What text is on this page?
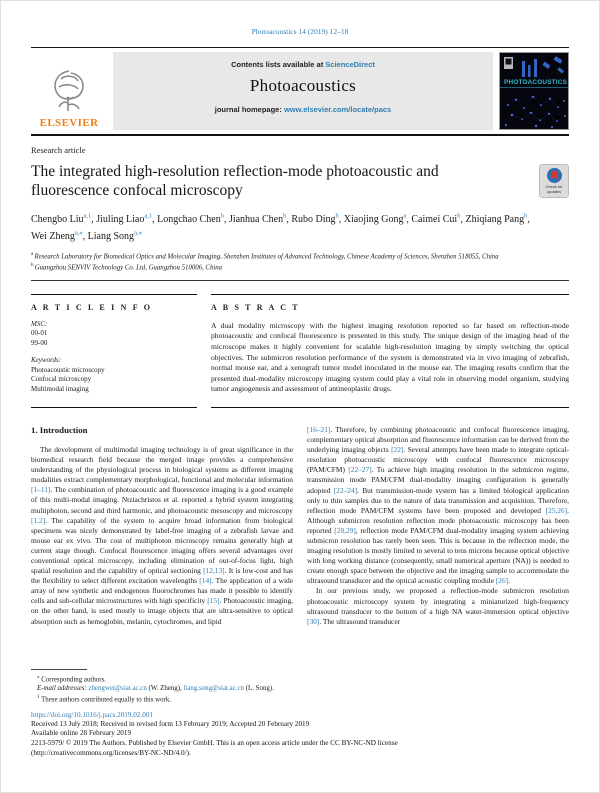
Photoacoustics 14 (2019) 12–18
ELSEVIER
Contents lists available at ScienceDirect
Photoacoustics
journal homepage: www.elsevier.com/locate/pacs
PHOTOACOUSTICS
Research article
The integrated high-resolution reflection-mode photoacoustic and fluorescence confocal microscopy	Check for updates
Chengbo Liu$^{a,1}$, Jiuling Liao$^{a,1}$, Longchao Chen$^b$, Jianhua Chen$^b$, Rubo Ding$^b$, Xiaojing Gong$^a$, Caimei Cui$^b$, Zhiqiang Pang$^b$, Wei Zheng$^{a,⁎}$, Liang Song$^{a,⁎}$
$^a$ Research Laboratory for Biomedical Optics and Molecular Imaging, Shenzhen Institutes of Advanced Technology, Chinese Academy of Sciences, Shenzhen 518055, China
$^b$ Guangzhou SENVIV Technology Co. Ltd, Guangzhou 510006, China
A R T I C L E I N F O
MSC:
00-01
99-00
Keywords:
Photoacoustic microscopy
Confocal microscopy
Multimodal imaging
A B S T R A C T
A dual modality microscopy with the highest imaging resolution reported so far based on reflection-mode photoacoustic and confocal fluorescence is presented in this study. The unique design of the imaging head of the microscope makes it highly convenient for scalable high-resolution imaging by simply switching the optical objectives. The submicron resolution performance of the system is demonstrated via in vivo imaging of zebrafish, normal mouse ear, and a xenograft tumor model inoculated in the mouse ear. The imaging results confirm that the presented dual-modality microscopy imaging system could play a vital role in observing model organism, studying tumor angiogenesis and assessment of antineoplastic drugs.
1. Introduction
The development of multimodal imaging technology is of great significance in the biomedical research field because the merged image provides a comprehensive understanding of the physiological process in biological systems as different imaging modalities extract complementary morphological, functional and molecular information [1–11]. The combination of photoacoustic and fluorescence imaging is a good example of this multi-modal imaging. Ntziachristos et al. reported a hybrid system integrating multiphoton, second and third harmonic, and photoacoustic mesoscopy and microscopy [1,2]. The capability of the system to acquire broad information from biological specimens was nicely demonstrated by label-free imaging of a zebrafish larvae and mouse ear ex vivo. The cost of multiphoton microscopy remains generally high at current stage though. Confocal flourescence imaging offers several advantages over conventional optical microscopy, including elimination of out-of-focus light, high spatial resolution and the capability of optical sectioning [12,13]. It is low-cost and has the flexibility to select different excitation wavelengths [14]. The application of a wide array of new synthetic and endogenous fluorochromes has made it possible to identify cells and sub-cellular microstructures with high specificity [15]. Photoacoustic imaging, on the other hand, is used mostly to image objects that are ultra-sensitive to optical absorption such as hemoglobin, melanin, cytochromes, and lipid
[16–21]. Therefore, by combining photoacoustic and confocal fluorescence imaging, complementary optical absorption and fluorescence information can be derived from the underlying imaging objects [22]. Several attempts have been made to integrate optical-resolution photoacoustic microscopy with confocal fluorescence microscopy (PAM/CFM) [22–27]. To achieve high imaging resolution in the submicron regime, transmission mode PAM/CFM dual-modality imaging configuration is generally adopted [22–24]. But transmission-mode system has a limited biological application only to thin samples due to the nature of data transmission and acquisition. Therefore, reflection mode PAM/CFM systems have been proposed and developed [25,26]. Although submicron resolution reflection mode photoacoustic microscopy has been reported [28,29], reflection mode PAM/CFM dual-modality imaging system achieving submicron resolution has rarely been seen. This is because in the reflection mode, the imaging resolution is mostly limited to several to tens microns because optical objective with long working distance (consequently, small numerical aperture (NA)) is needed to create enough space between the objective and the imaging sample to accommodate the ultrasound transducer and the optical acoustic coupling module [26].
In our previous study, we proposed a reflection-mode submicron resolution photoacoustic microscopy system by integrating a miniaturized high-frequency ultrasound transducer to the bottom of a high NA water-immersion optical objective [30]. The ultrasound transducer
⁎ Corresponding authors.
E-mail addresses: zhengwei@siat.ac.cn (W. Zheng), liang.song@siat.ac.cn (L. Song).
$^1$ These authors contributed equally to this work.
https://doi.org/10.1016/j.pacs.2019.02.001
Received 13 July 2018; Received in revised form 13 February 2019; Accepted 20 February 2019
Available online 28 February 2019
2213-5979/ © 2019 The Authors. Published by Elsevier GmbH. This is an open access article under the CC BY-NC-ND license
(http://creativecommons.org/licenses/BY-NC-ND/4.0/).
